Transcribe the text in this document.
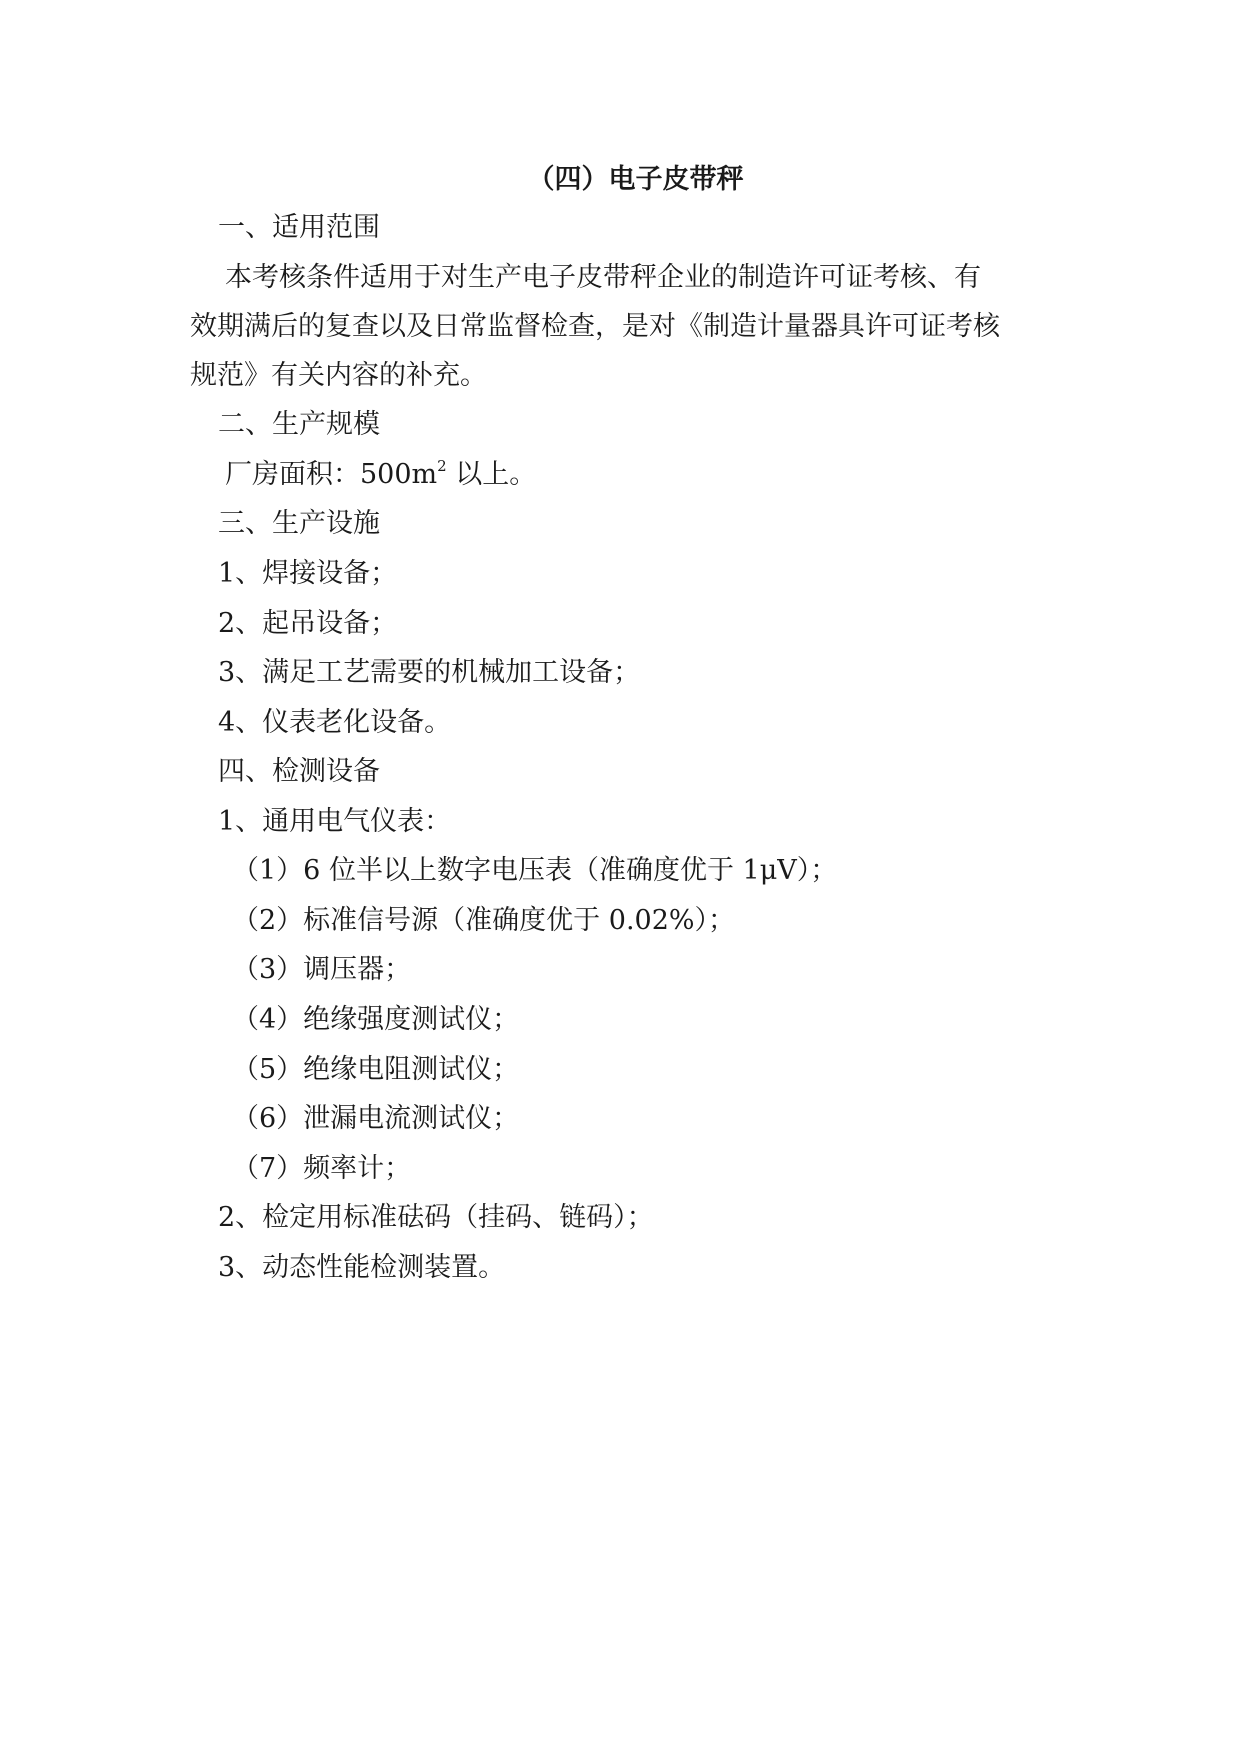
（四）电子皮带秤
一、适用范围
本考核条件适用于对生产电子皮带秤企业的制造许可证考核、有
效期满后的复查以及日常监督检查，是对《制造计量器具许可证考核
规范》有关内容的补充。
二、生产规模
厂房面积：$500m^2$ 以上。
三、生产设施
1、焊接设备；
2、起吊设备；
3、满足工艺需要的机械加工设备；
4、仪表老化设备。
四、检测设备
1、通用电气仪表：
（1）6 位半以上数字电压表（准确度优于 1μV）；
（2）标准信号源（准确度优于 0.02%）；
（3）调压器；
（4）绝缘强度测试仪；
（5）绝缘电阻测试仪；
（6）泄漏电流测试仪；
（7）频率计；
2、检定用标准砝码（挂码、链码）；
3、动态性能检测装置。
